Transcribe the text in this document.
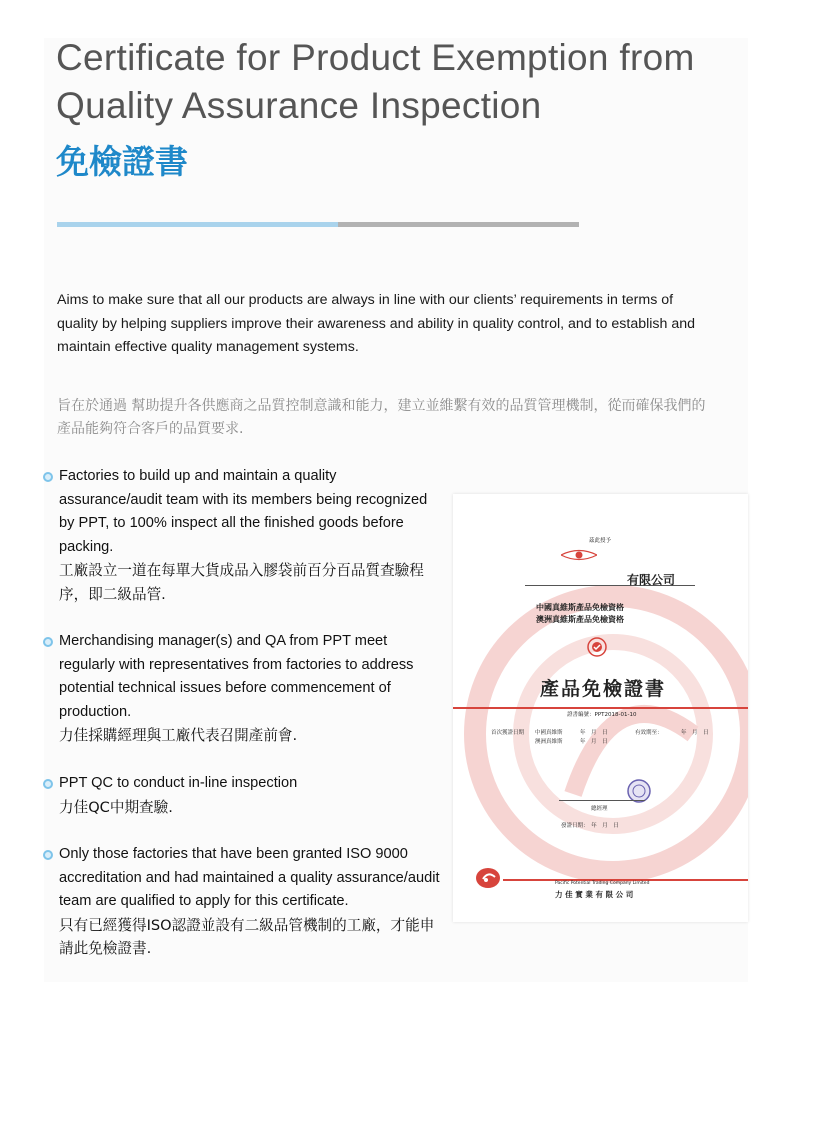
Certificate for Product Exemption from Quality Assurance Inspection
免檢證書
Aims to make sure that all our products are always in line with our clients’ requirements in terms of quality by helping suppliers improve their awareness and ability in quality control, and to establish and maintain effective quality management systems.
旨在於通過 幫助提升各供應商之品質控制意識和能力，建立並維繫有效的品質管理機制，從而確保我們的產品能夠符合客戶的品質要求.
Factories to build up and maintain a quality assurance/audit team with its members being recognized by PPT, to 100% inspect all the finished goods before packing.
工廠設立一道在每單大貨成品入膠袋前百分百品質查驗程序，即二級品管.
Merchandising manager(s) and QA from PPT meet regularly with representatives from factories to address potential technical issues before commencement of production.
力佳採購經理與工廠代表召開產前會.
PPT QC to conduct in-line inspection
力佳QC中期查驗.
Only those factories that have been granted ISO 9000 accreditation and had maintained a quality assurance/audit team are qualified to apply for this certificate.
只有已經獲得ISO認證並設有二級品管機制的工廠，才能申請此免檢證書.
茲此授予
有限公司
中國真維斯產品免檢資格
澳洲真維斯產品免檢資格
產品免檢證書
證書編號：PPT2018-01-10
首次獲證日期 中國真維斯
澳洲真維斯
年　月　日
年　月　日
有效期至：	年　月　日
總經理
發證日期：　年　月　日
Pacific Potential Trading Company Limited
力 佳 實 業 有 限 公 司
